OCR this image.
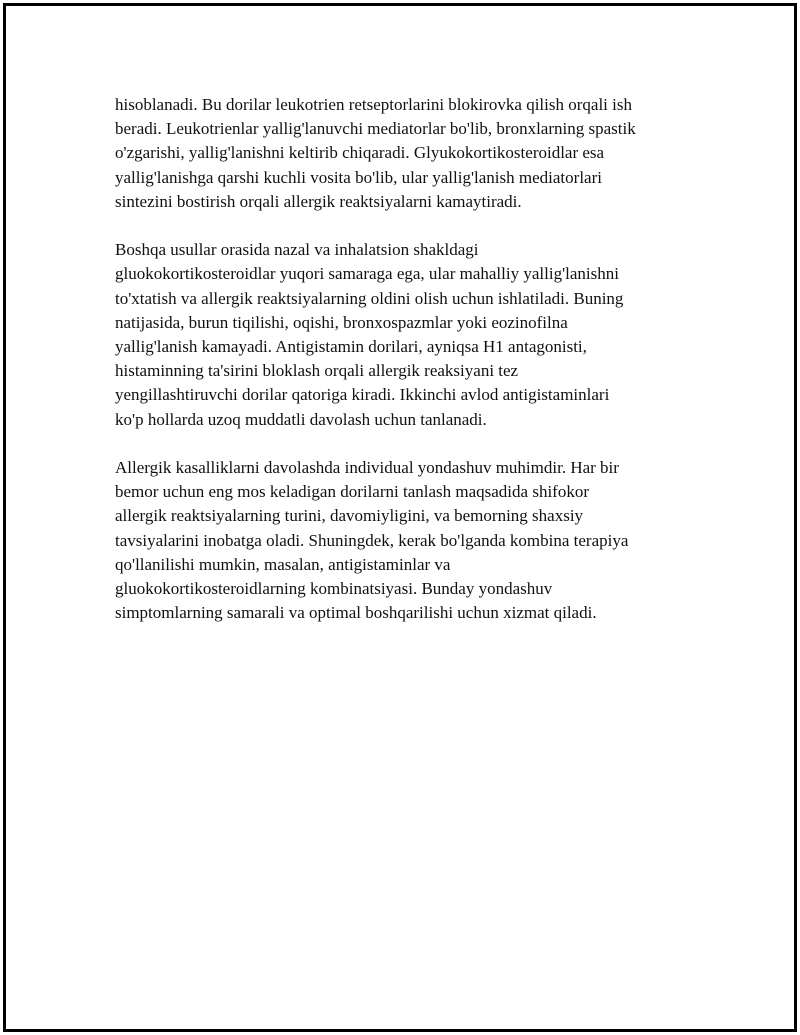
hisoblanadi. Bu dorilar leukotrien retseptorlarini blokirovka qilish orqali ish
beradi. Leukotrienlar yallig'lanuvchi mediatorlar bo'lib, bronxlarning spastik
o'zgarishi, yallig'lanishni keltirib chiqaradi. Glyukokortikosteroidlar esa
yallig'lanishga qarshi kuchli vosita bo'lib, ular yallig'lanish mediatorlari
sintezini bostirish orqali allergik reaktsiyalarni kamaytiradi.

Boshqa usullar orasida nazal va inhalatsion shakldagi
gluokokortikosteroidlar yuqori samaraga ega, ular mahalliy yallig'lanishni
to'xtatish va allergik reaktsiyalarning oldini olish uchun ishlatiladi. Buning
natijasida, burun tiqilishi, oqishi, bronxospazmlar yoki eozinofilna
yallig'lanish kamayadi. Antigistamin dorilari, ayniqsa H1 antagonisti,
histaminning ta'sirini bloklash orqali allergik reaksiyani tez
yengillashtiruvchi dorilar qatoriga kiradi. Ikkinchi avlod antigistaminlari
ko'p hollarda uzoq muddatli davolash uchun tanlanadi.

Allergik kasalliklarni davolashda individual yondashuv muhimdir. Har bir
bemor uchun eng mos keladigan dorilarni tanlash maqsadida shifokor
allergik reaktsiyalarning turini, davomiyligini, va bemorning shaxsiy
tavsiyalarini inobatga oladi. Shuningdek, kerak bo'lganda kombina terapiya
qo'llanilishi mumkin, masalan, antigistaminlar va
gluokokortikosteroidlarning kombinatsiyasi. Bunday yondashuv
simptomlarning samarali va optimal boshqarilishi uchun xizmat qiladi.
